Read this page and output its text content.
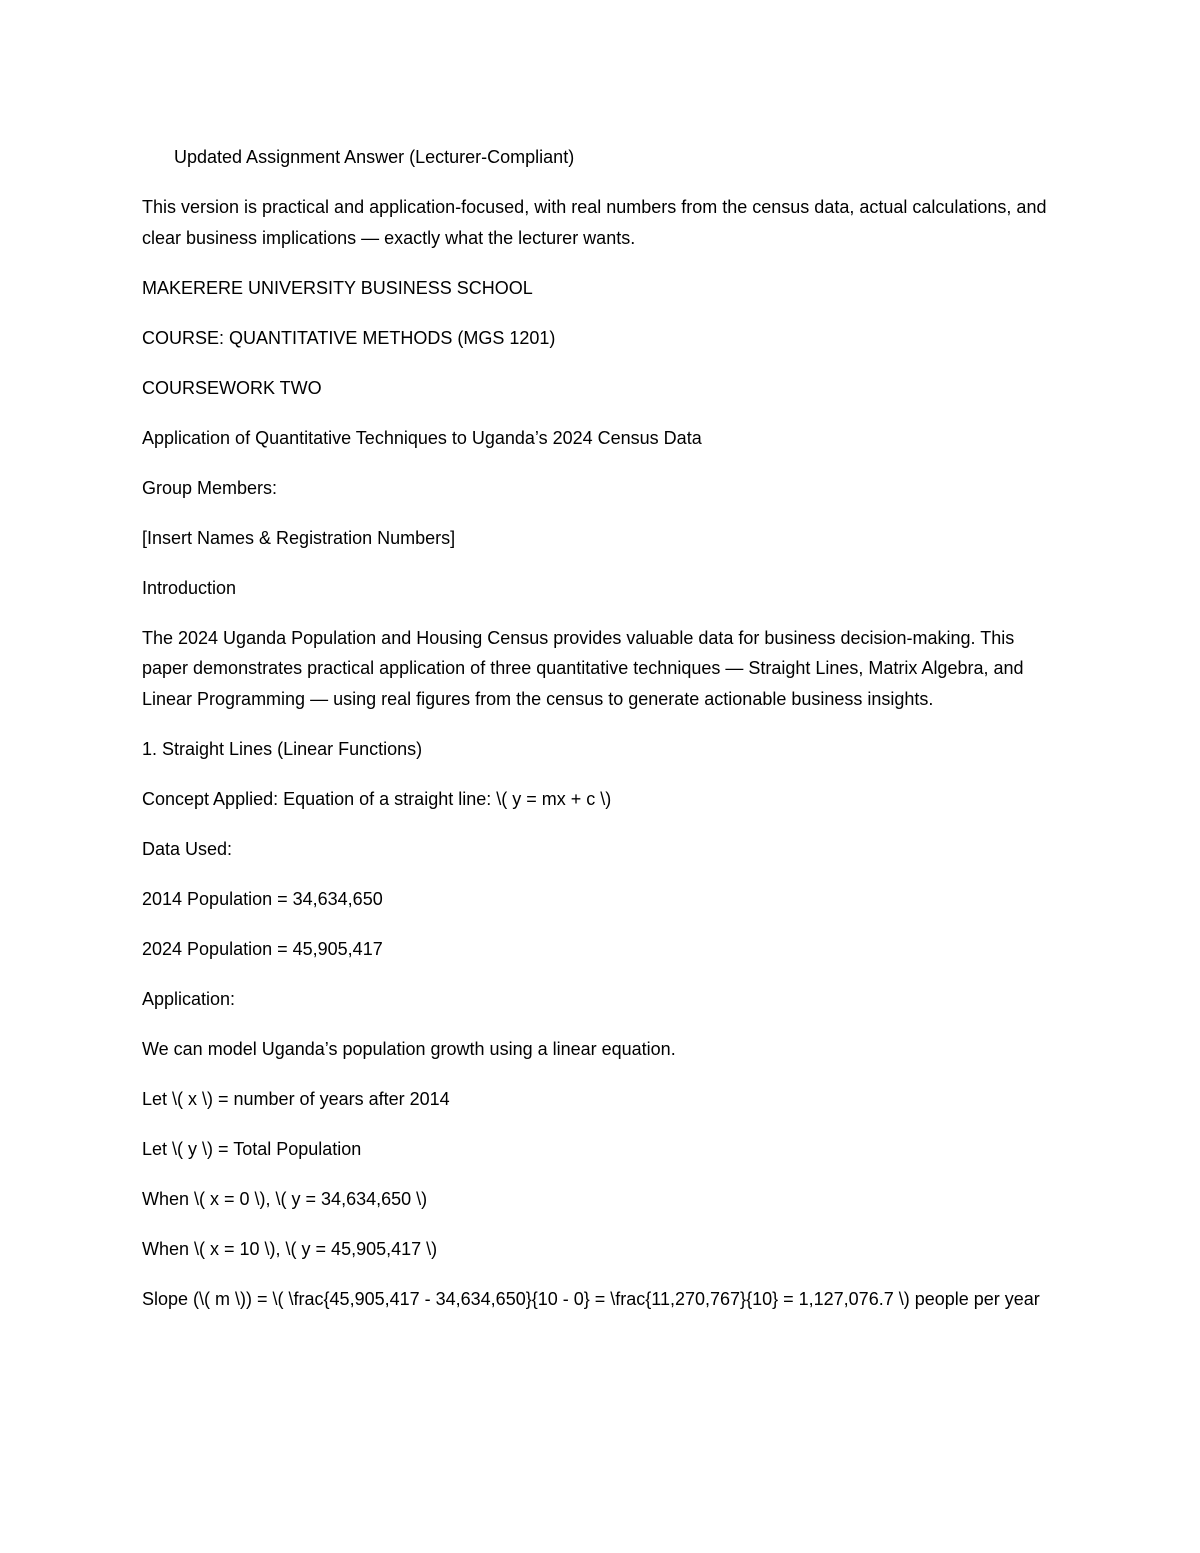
Updated Assignment Answer (Lecturer-Compliant)

This version is practical and application-focused, with real numbers from the census data, actual calculations, and clear business implications — exactly what the lecturer wants.

MAKERERE UNIVERSITY BUSINESS SCHOOL

COURSE: QUANTITATIVE METHODS (MGS 1201)

COURSEWORK TWO

Application of Quantitative Techniques to Uganda’s 2024 Census Data

Group Members:

[Insert Names & Registration Numbers]

Introduction

The 2024 Uganda Population and Housing Census provides valuable data for business decision-making. This paper demonstrates practical application of three quantitative techniques — Straight Lines, Matrix Algebra, and Linear Programming — using real figures from the census to generate actionable business insights.

1. Straight Lines (Linear Functions)

Concept Applied: Equation of a straight line: \( y = mx + c \)

Data Used:

2014 Population = 34,634,650

2024 Population = 45,905,417

Application:

We can model Uganda’s population growth using a linear equation.

Let \( x \) = number of years after 2014

Let \( y \) = Total Population

When \( x = 0 \), \( y = 34,634,650 \)

When \( x = 10 \), \( y = 45,905,417 \)

Slope (\( m \)) = \( \frac{45,905,417 - 34,634,650}{10 - 0} = \frac{11,270,767}{10} = 1,127,076.7 \) people per year
